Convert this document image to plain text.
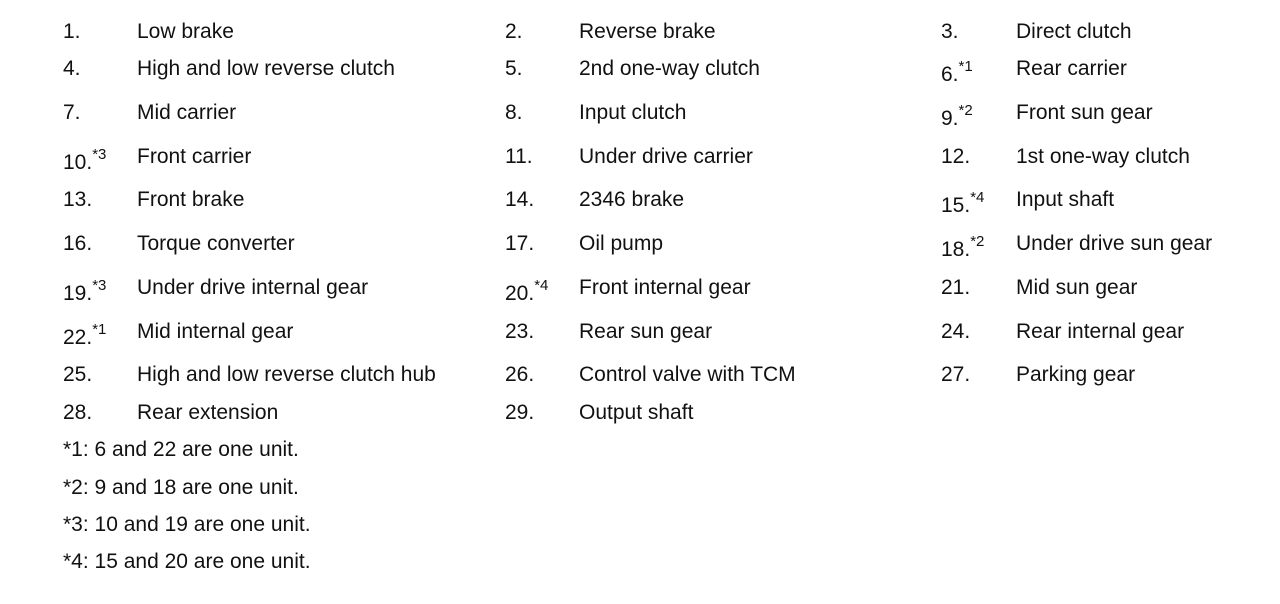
1.	Low brake	2.	Reverse brake	3.	Direct clutch
4.	High and low reverse clutch	5.	2nd one-way clutch	6.$^{*1}$ Rear carrier
7.	Mid carrier	8.	Input clutch	9.$^{*2}$ Front sun gear
10.$^{*3}$ Front carrier	11. Under drive carrier	12. 1st one-way clutch
13. Front brake	14. 2346 brake	15.$^{*4}$ Input shaft
16. Torque converter	17. Oil pump	18.$^{*2}$ Under drive sun gear
19.$^{*3}$ Under drive internal gear	20.$^{*4}$ Front internal gear	21. Mid sun gear
22.$^{*1}$ Mid internal gear	23. Rear sun gear	24. Rear internal gear
25. High and low reverse clutch hub	26. Control valve with TCM	27. Parking gear
28. Rear extension	29. Output shaft
*1: 6 and 22 are one unit.
*2: 9 and 18 are one unit.
*3: 10 and 19 are one unit.
*4: 15 and 20 are one unit.
